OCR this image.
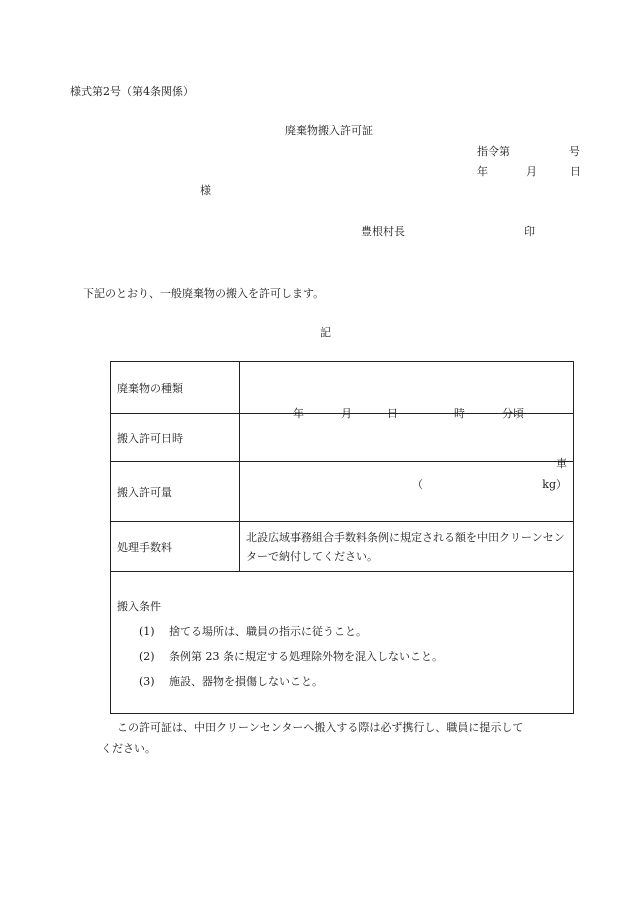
様式第2号（第4条関係）
廃棄物搬入許可証
指令第	号
年	月	日
様
豊根村長	印
下記のとおり、一般廃棄物の搬入を許可します。
記
廃棄物の種類	
搬入許可日時	年 月 日 時 分頃

搬入許可量	車
（ kg）

処理手数料	北設広域事務組合手数料条例に規定される額を中田クリーンセンターで納付してください。

搬入条件
(1) 捨てる場所は、職員の指示に従うこと。
(2) 条例第 23 条に規定する処理除外物を混入しないこと。
(3) 施設、器物を損傷しないこと。	
この許可証は、中田クリーンセンターへ搬入する際は必ず携行し、職員に提示して
ください。
